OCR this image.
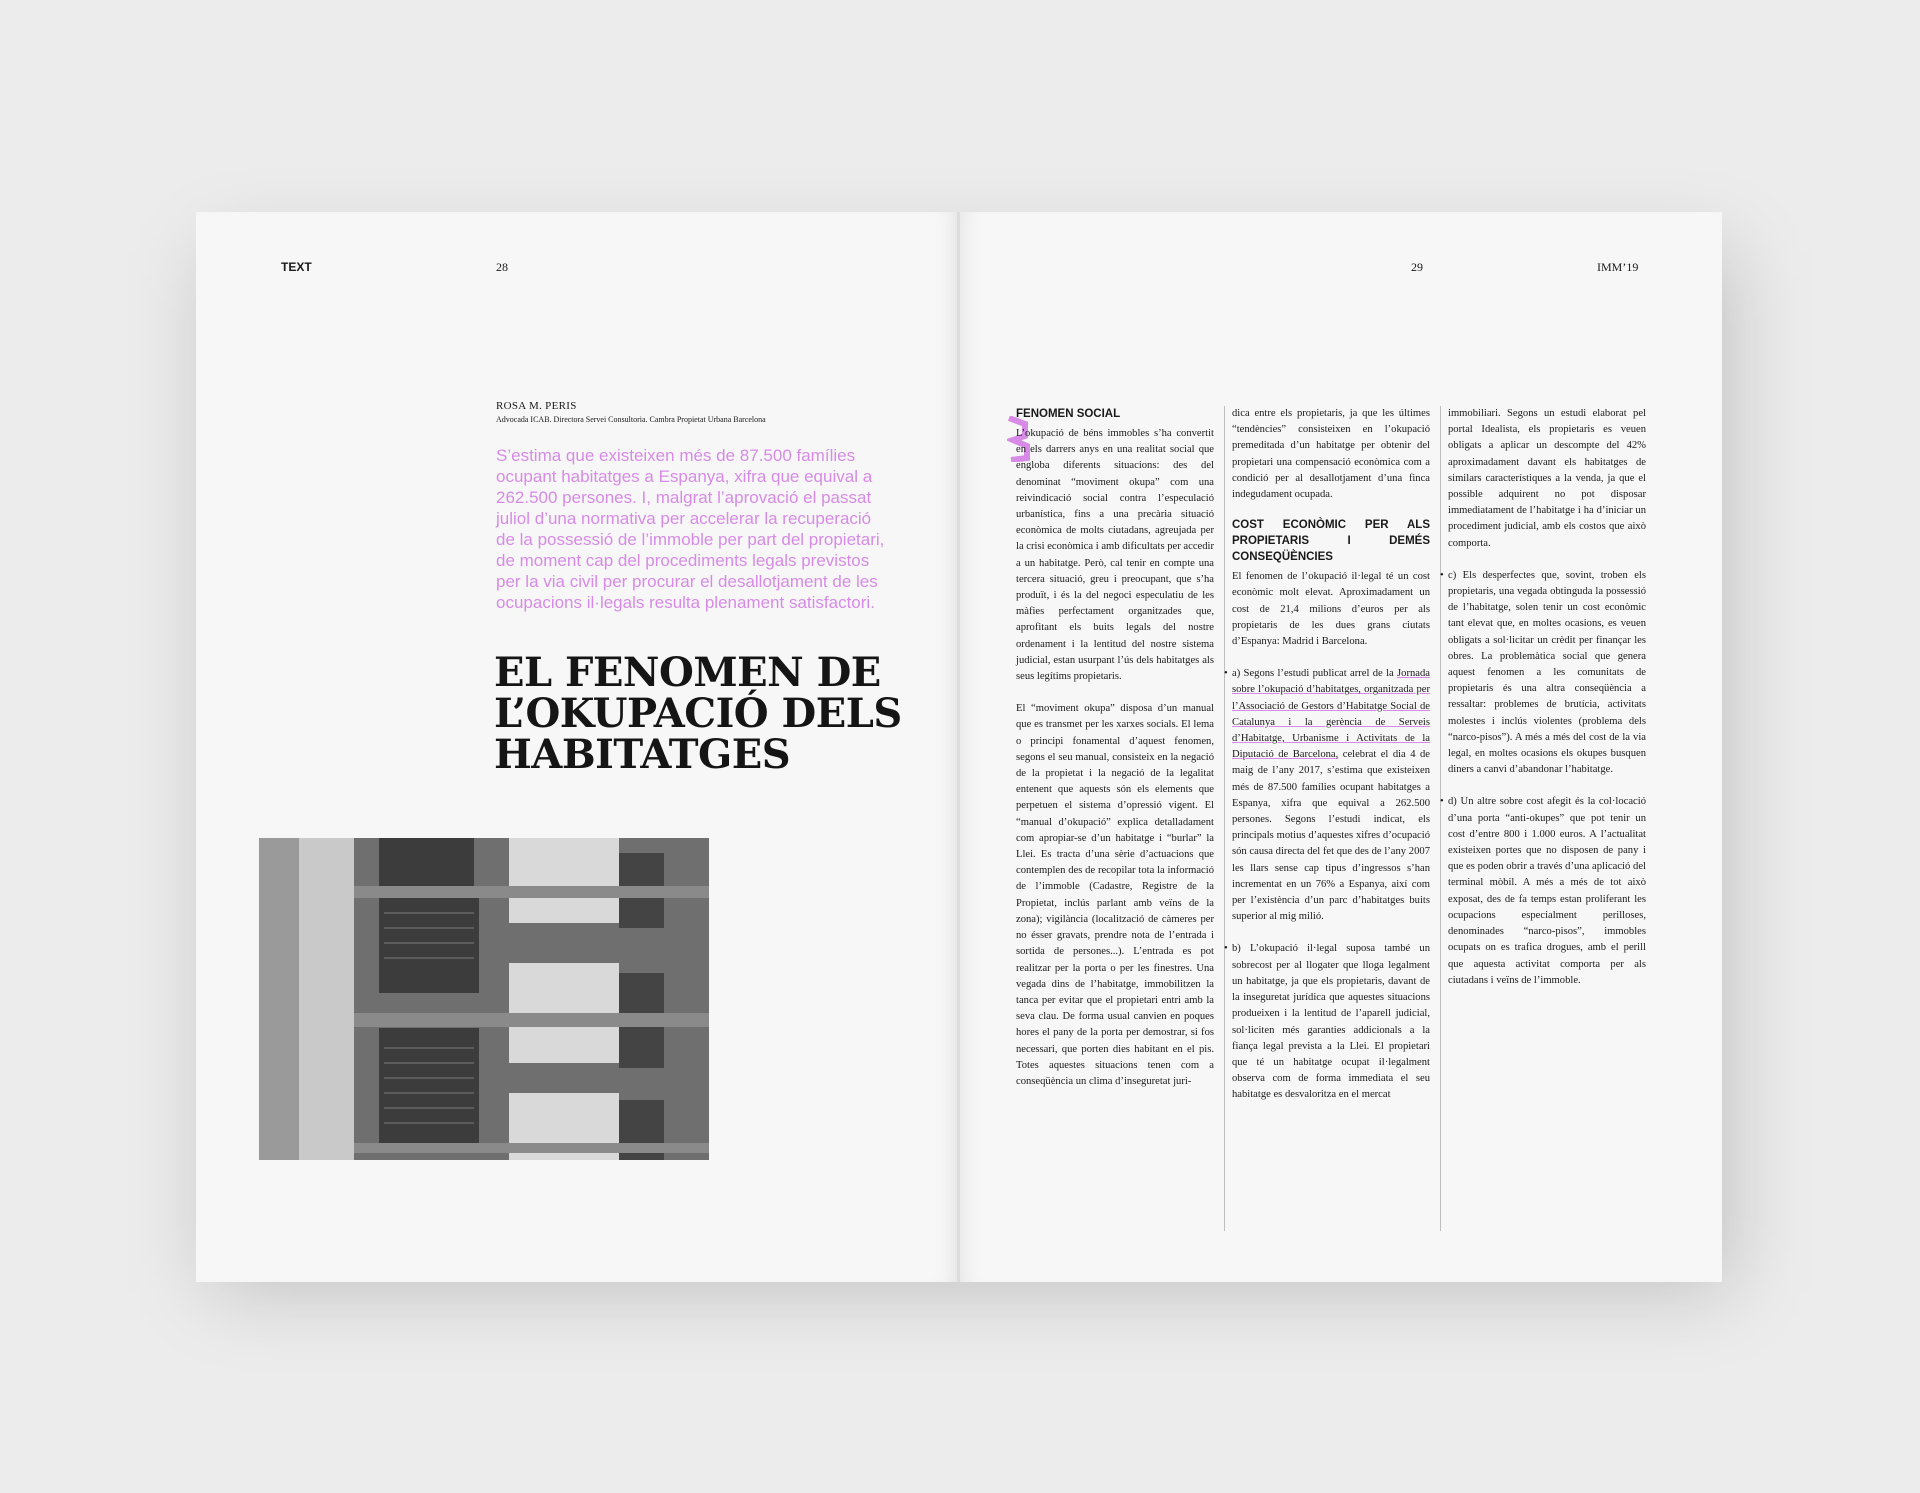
TEXT	28
ROSA M. PERIS
Advocada ICAB. Directora Servei Consultoria. Cambra Propietat Urbana Barcelona
S’estima que existeixen més de 87.500 famílies ocupant habitatges a Espanya, xifra que equival a 262.500 persones. I, malgrat l’aprovació el passat juliol d’una normativa per accelerar la recuperació de la possessió de l’immoble per part del propietari, de moment cap del procediments legals previstos per la via civil per procurar el desallotjament de les ocupacions il·legals resulta plenament satisfactori.
EL FENOMEN DE
L’OKUPACIÓ DELS
HABITATGES
29	IMM’19
FENOMEN SOCIAL

L’okupació de béns immobles s’ha convertit en els darrers anys en una realitat social que engloba diferents situacions: des del denominat “moviment okupa” com una reivindicació social contra l’especulació urbanística, fins a una precària situació econòmica de molts ciutadans, agreujada per la crisi econòmica i amb dificultats per accedir a un habitatge. Però, cal tenir en compte una tercera situació, greu i preocupant, que s’ha produït, i és la del negoci especulatiu de les màfies perfectament organitzades que, aprofitant els buits legals del nostre ordenament i la lentitud del nostre sistema judicial, estan usurpant l’ús dels habitatges als seus legítims propietaris.

El “moviment okupa” disposa d’un manual que es transmet per les xarxes socials. El lema o principi fonamental d’aquest fenomen, segons el seu manual, consisteix en la negació de la propietat i la negació de la legalitat entenent que aquests són els elements que perpetuen el sistema d’opressió vigent. El “manual d’okupació” explica detalladament com apropiar-se d’un habitatge i “burlar” la Llei. Es tracta d’una sèrie d’actuacions que contemplen des de recopilar tota la informació de l’immoble (Cadastre, Registre de la Propietat, inclús parlant amb veïns de la zona); vigilància (localització de càmeres per no ésser gravats, prendre nota de l’entrada i sortida de persones...). L’entrada es pot realitzar per la porta o per les finestres. Una vegada dins de l’habitatge, immobilitzen la tanca per evitar que el propietari entri amb la seva clau. De forma usual canvien en poques hores el pany de la porta per demostrar, si fos necessari, que porten dies habitant en el pis. Totes aquestes situacions tenen com a conseqüència un clima d’inseguretat juri-

dica entre els propietaris, ja que les últimes “tendències” consisteixen en l’okupació premeditada d’un habitatge per obtenir del propietari una compensació econòmica com a condició per al desallotjament d’una finca indegudament ocupada.

COST ECONÒMIC PER ALS PROPIETARIS I DEMÉS CONSEQÜÈNCIES

El fenomen de l’okupació il·legal té un cost econòmic molt elevat. Aproximadament un cost de 21,4 milions d’euros per als propietaris de les dues grans ciutats d’Espanya: Madrid i Barcelona.

• a) Segons l’estudi publicat arrel de la Jornada sobre l’okupació d’habitatges, organitzada per l’Associació de Gestors d’Habitatge Social de Catalunya i la gerència de Serveis d’Habitatge, Urbanisme i Activitats de la Diputació de Barcelona, celebrat el dia 4 de maig de l’any 2017, s’estima que existeixen més de 87.500 famílies ocupant habitatges a Espanya, xifra que equival a 262.500 persones. Segons l’estudi indicat, els principals motius d’aquestes xifres d’ocupació són causa directa del fet que des de l’any 2007 les llars sense cap tipus d’ingressos s’han incrementat en un 76% a Espanya, així com per l’existència d’un parc d’habitatges buits superior al mig milió.

• b) L’okupació il·legal suposa també un sobrecost per al llogater que lloga legalment un habitatge, ja que els propietaris, davant de la inseguretat jurídica que aquestes situacions produeixen i la lentitud de l’aparell judicial, sol·liciten més garanties addicionals a la fiança legal prevista a la Llei. El propietari que té un habitatge ocupat il·legalment observa com de forma immediata el seu habitatge es desvaloritza en el mercat

immobiliari. Segons un estudi elaborat pel portal Idealista, els propietaris es veuen obligats a aplicar un descompte del 42% aproximadament davant els habitatges de similars característiques a la venda, ja que el possible adquirent no pot disposar immediatament de l’habitatge i ha d’iniciar un procediment judicial, amb els costos que això comporta.

• c) Els desperfectes que, sovint, troben els propietaris, una vegada obtinguda la possessió de l’habitatge, solen tenir un cost econòmic tant elevat que, en moltes ocasions, es veuen obligats a sol·licitar un crèdit per finançar les obres. La problemàtica social que genera aquest fenomen a les comunitats de propietaris és una altra conseqüència a ressaltar: problemes de brutícia, activitats molestes i inclús violentes (problema dels “narco-pisos”). A més a més del cost de la via legal, en moltes ocasions els okupes busquen diners a canvi d’abandonar l’habitatge.

• d) Un altre sobre cost afegit és la col·locació d’una porta “anti-okupes” que pot tenir un cost d’entre 800 i 1.000 euros. A l’actualitat existeixen portes que no disposen de pany i que es poden obrir a través d’una aplicació del terminal mòbil. A més a més de tot això exposat, des de fa temps estan proliferant les ocupacions especialment perilloses, denominades “narco-pisos”, immobles ocupats on es trafica drogues, amb el perill que aquesta activitat comporta per als ciutadans i veïns de l’immoble.
